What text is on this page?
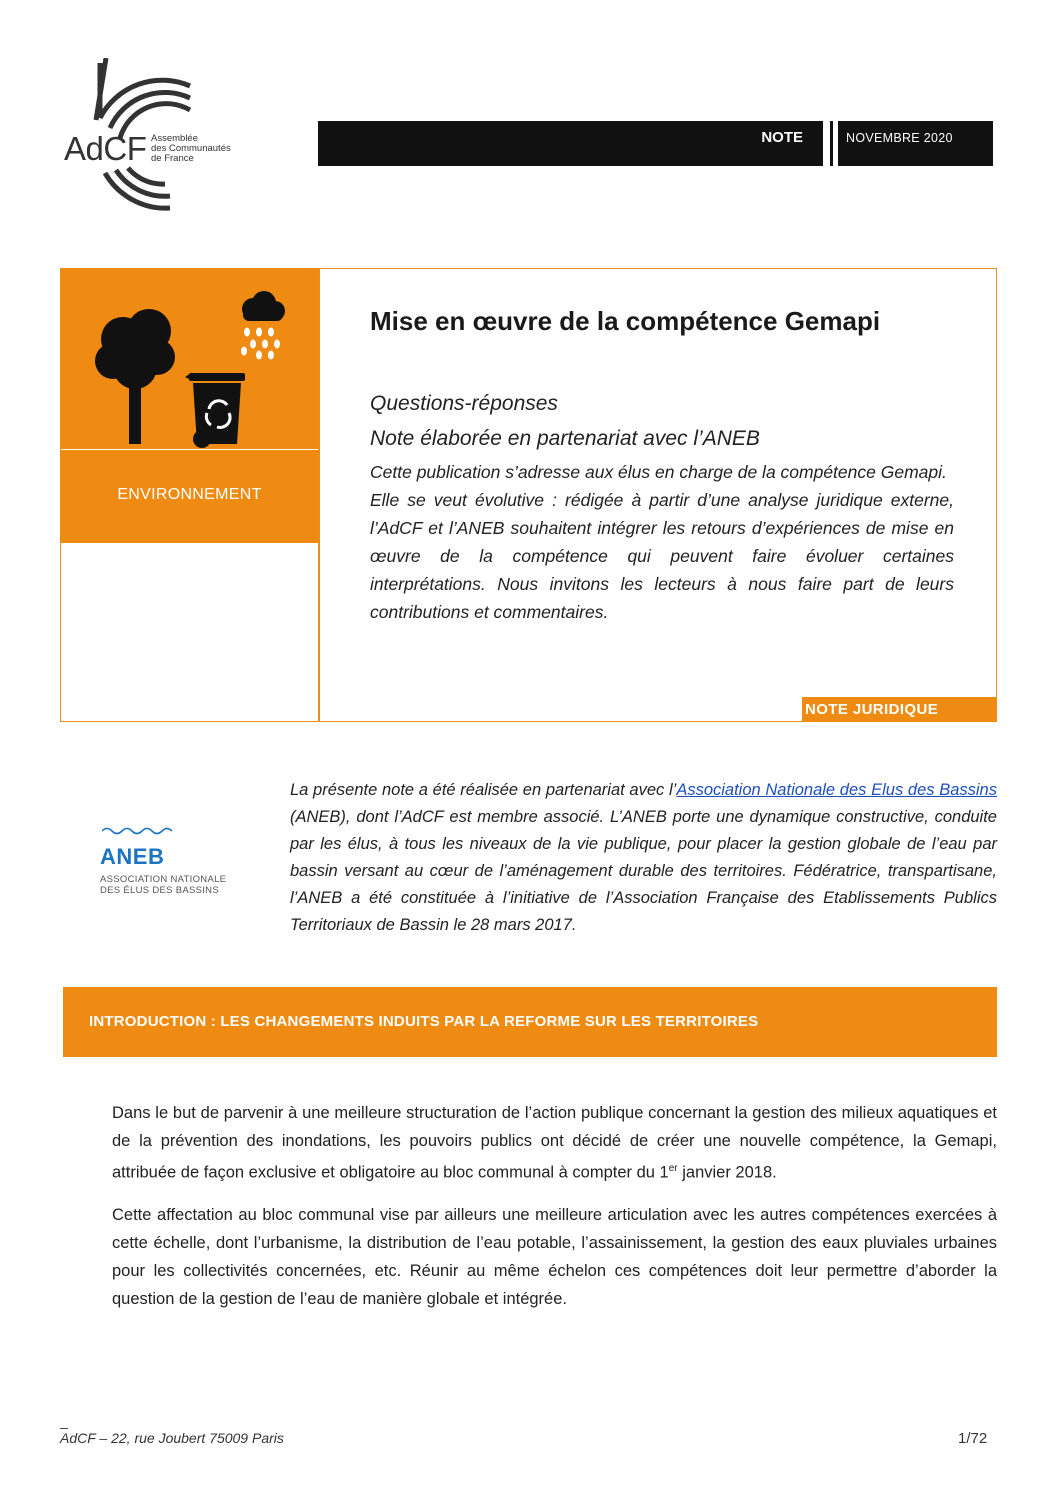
AdCF Assemblée
des Communautés
de France
NOTE	NOVEMBRE 2020
ENVIRONNEMENT
Mise en œuvre de la compétence Gemapi
Questions-réponses
Note élaborée en partenariat avec l’ANEB

Cette publication s’adresse aux élus en charge de la compétence Gemapi.

Elle se veut évolutive : rédigée à partir d’une analyse juridique externe, l’AdCF et l’ANEB souhaitent intégrer les retours d’expériences de mise en œuvre de la compétence qui peuvent faire évoluer certaines interprétations. Nous invitons les lecteurs à nous faire part de leurs contributions et commentaires.

NOTE JURIDIQUE
ANEB
ASSOCIATION NATIONALE
DES ÉLUS DES BASSINS
La présente note a été réalisée en partenariat avec l’Association Nationale des Elus des Bassins (ANEB), dont l’AdCF est membre associé. L’ANEB porte une dynamique constructive, conduite par les élus, à tous les niveaux de la vie publique, pour placer la gestion globale de l’eau par bassin versant au cœur de l’aménagement durable des territoires. Fédératrice, transpartisane, l’ANEB a été constituée à l’initiative de l’Association Française des Etablissements Publics Territoriaux de Bassin le 28 mars 2017.
INTRODUCTION : LES CHANGEMENTS INDUITS PAR LA REFORME SUR LES TERRITOIRES

Dans le but de parvenir à une meilleure structuration de l’action publique concernant la gestion des milieux aquatiques et de la prévention des inondations, les pouvoirs publics ont décidé de créer une nouvelle compétence, la Gemapi, attribuée de façon exclusive et obligatoire au bloc communal à compter du 1er janvier 2018.

Cette affectation au bloc communal vise par ailleurs une meilleure articulation avec les autres compétences exercées à cette échelle, dont l’urbanisme, la distribution de l’eau potable, l’assainissement, la gestion des eaux pluviales urbaines pour les collectivités concernées, etc. Réunir au même échelon ces compétences doit leur permettre d’aborder la question de la gestion de l’eau de manière globale et intégrée.

_
AdCF – 22, rue Joubert 75009 Paris	1/72
